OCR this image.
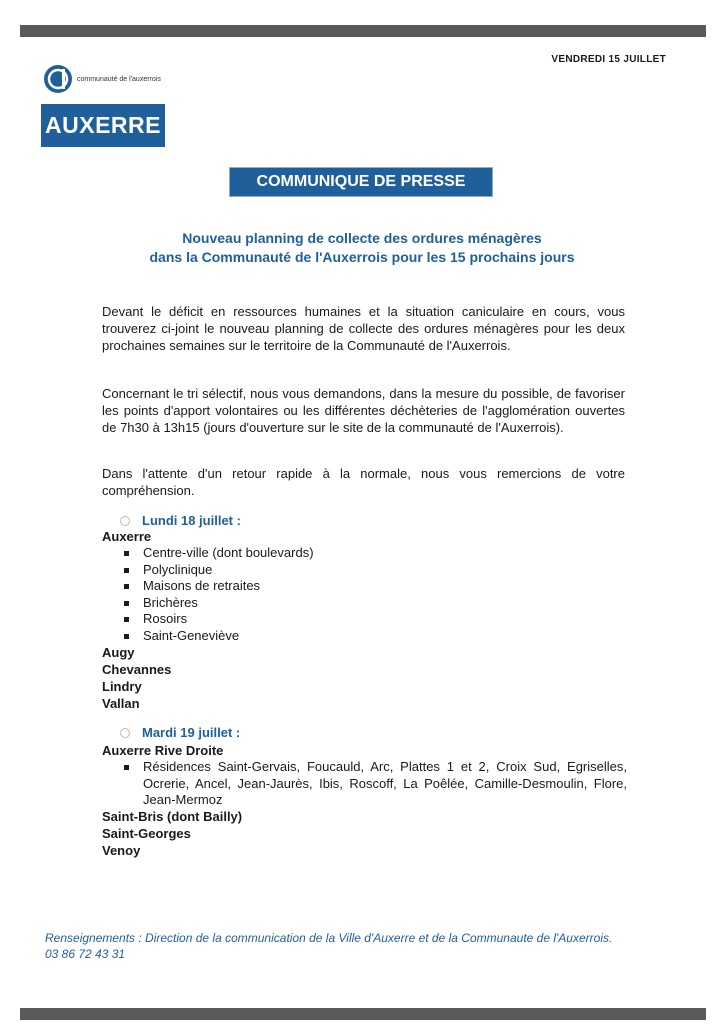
VENDREDI 15 JUILLET
communauté de l'auxerrois
AUXERRE
COMMUNIQUE DE PRESSE
Nouveau planning de collecte des ordures ménagères
dans la Communauté de l'Auxerrois pour les 15 prochains jours
Devant le déficit en ressources humaines et la situation caniculaire en cours, vous trouverez ci-joint le nouveau planning de collecte des ordures ménagères pour les deux prochaines semaines sur le territoire de la Communauté de l'Auxerrois.
Concernant le tri sélectif, nous vous demandons, dans la mesure du possible, de favoriser les points d'apport volontaires ou les différentes déchèteries de l'agglomération ouvertes de 7h30 à 13h15 (jours d'ouverture sur le site de la communauté de l'Auxerrois).
Dans l'attente d'un retour rapide à la normale, nous vous remercions de votre compréhension.
Lundi 18 juillet :
Auxerre
Centre-ville (dont boulevards)
Polyclinique
Maisons de retraites
Brichères
Rosoirs
Saint-Geneviève
Augy
Chevannes
Lindry
Vallan
Mardi 19 juillet :
Auxerre Rive Droite
Résidences Saint-Gervais, Foucauld, Arc, Plattes 1 et 2, Croix Sud, Egriselles, Ocrerie, Ancel, Jean-Jaurès, Ibis, Roscoff, La Poêlée, Camille-Desmoulin, Flore, Jean-Mermoz
Saint-Bris (dont Bailly)
Saint-Georges
Venoy
Renseignements : Direction de la communication de la Ville d'Auxerre et de la Communaute de l'Auxerrois.
03 86 72 43 31
